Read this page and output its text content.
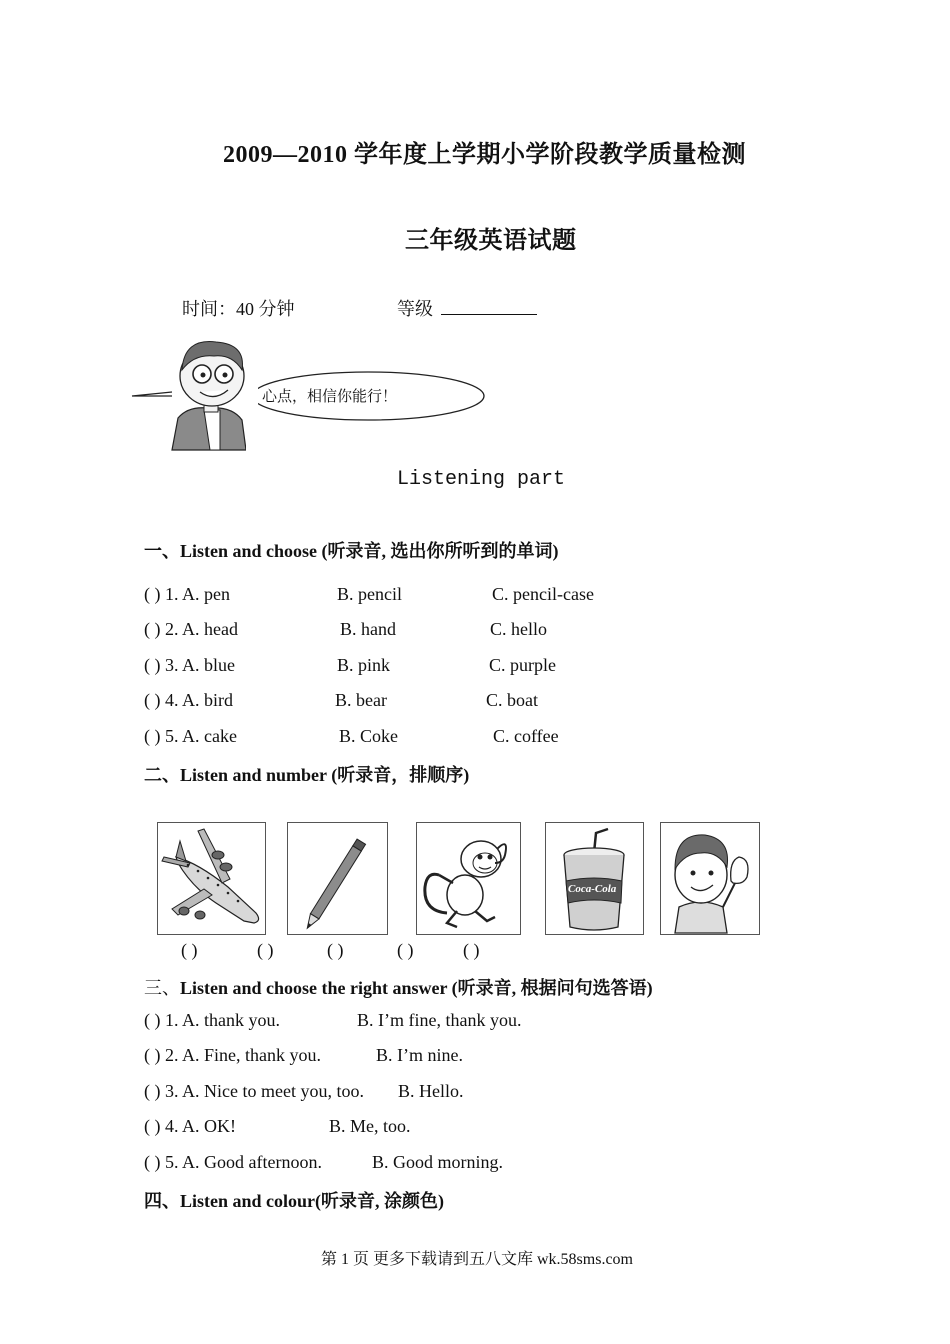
2009—2010 学年度上学期小学阶段教学质量检测
三年级英语试题
时间：40 分钟	等级
心点，相信你能行！
Listening part
一、Listen and choose (听录音, 选出你所听到的单词)
( ) 1. A. pen	B. pencil	C. pencil-case
( ) 2. A. head	B. hand	C. hello
( ) 3. A. blue	B. pink	C. purple
( ) 4. A. bird	B. bear	C. boat
( ) 5. A. cake	B. Coke	C. coffee
二、Listen and number (听录音，排顺序)
Coca-Cola
( )	( )	( )	( )	( )
三、Listen and choose the right answer (听录音, 根据问句选答语)
( ) 1. A. thank you.	B. I’m fine, thank you.
( ) 2. A. Fine, thank you.	B. I’m nine.
( ) 3. A. Nice to meet you, too. B. Hello.
( ) 4. A. OK!	B. Me, too.
( ) 5. A. Good afternoon.	B. Good morning.
四、Listen and colour(听录音, 涂颜色)
第 1 页 更多下载请到五八文库 wk.58sms.com
